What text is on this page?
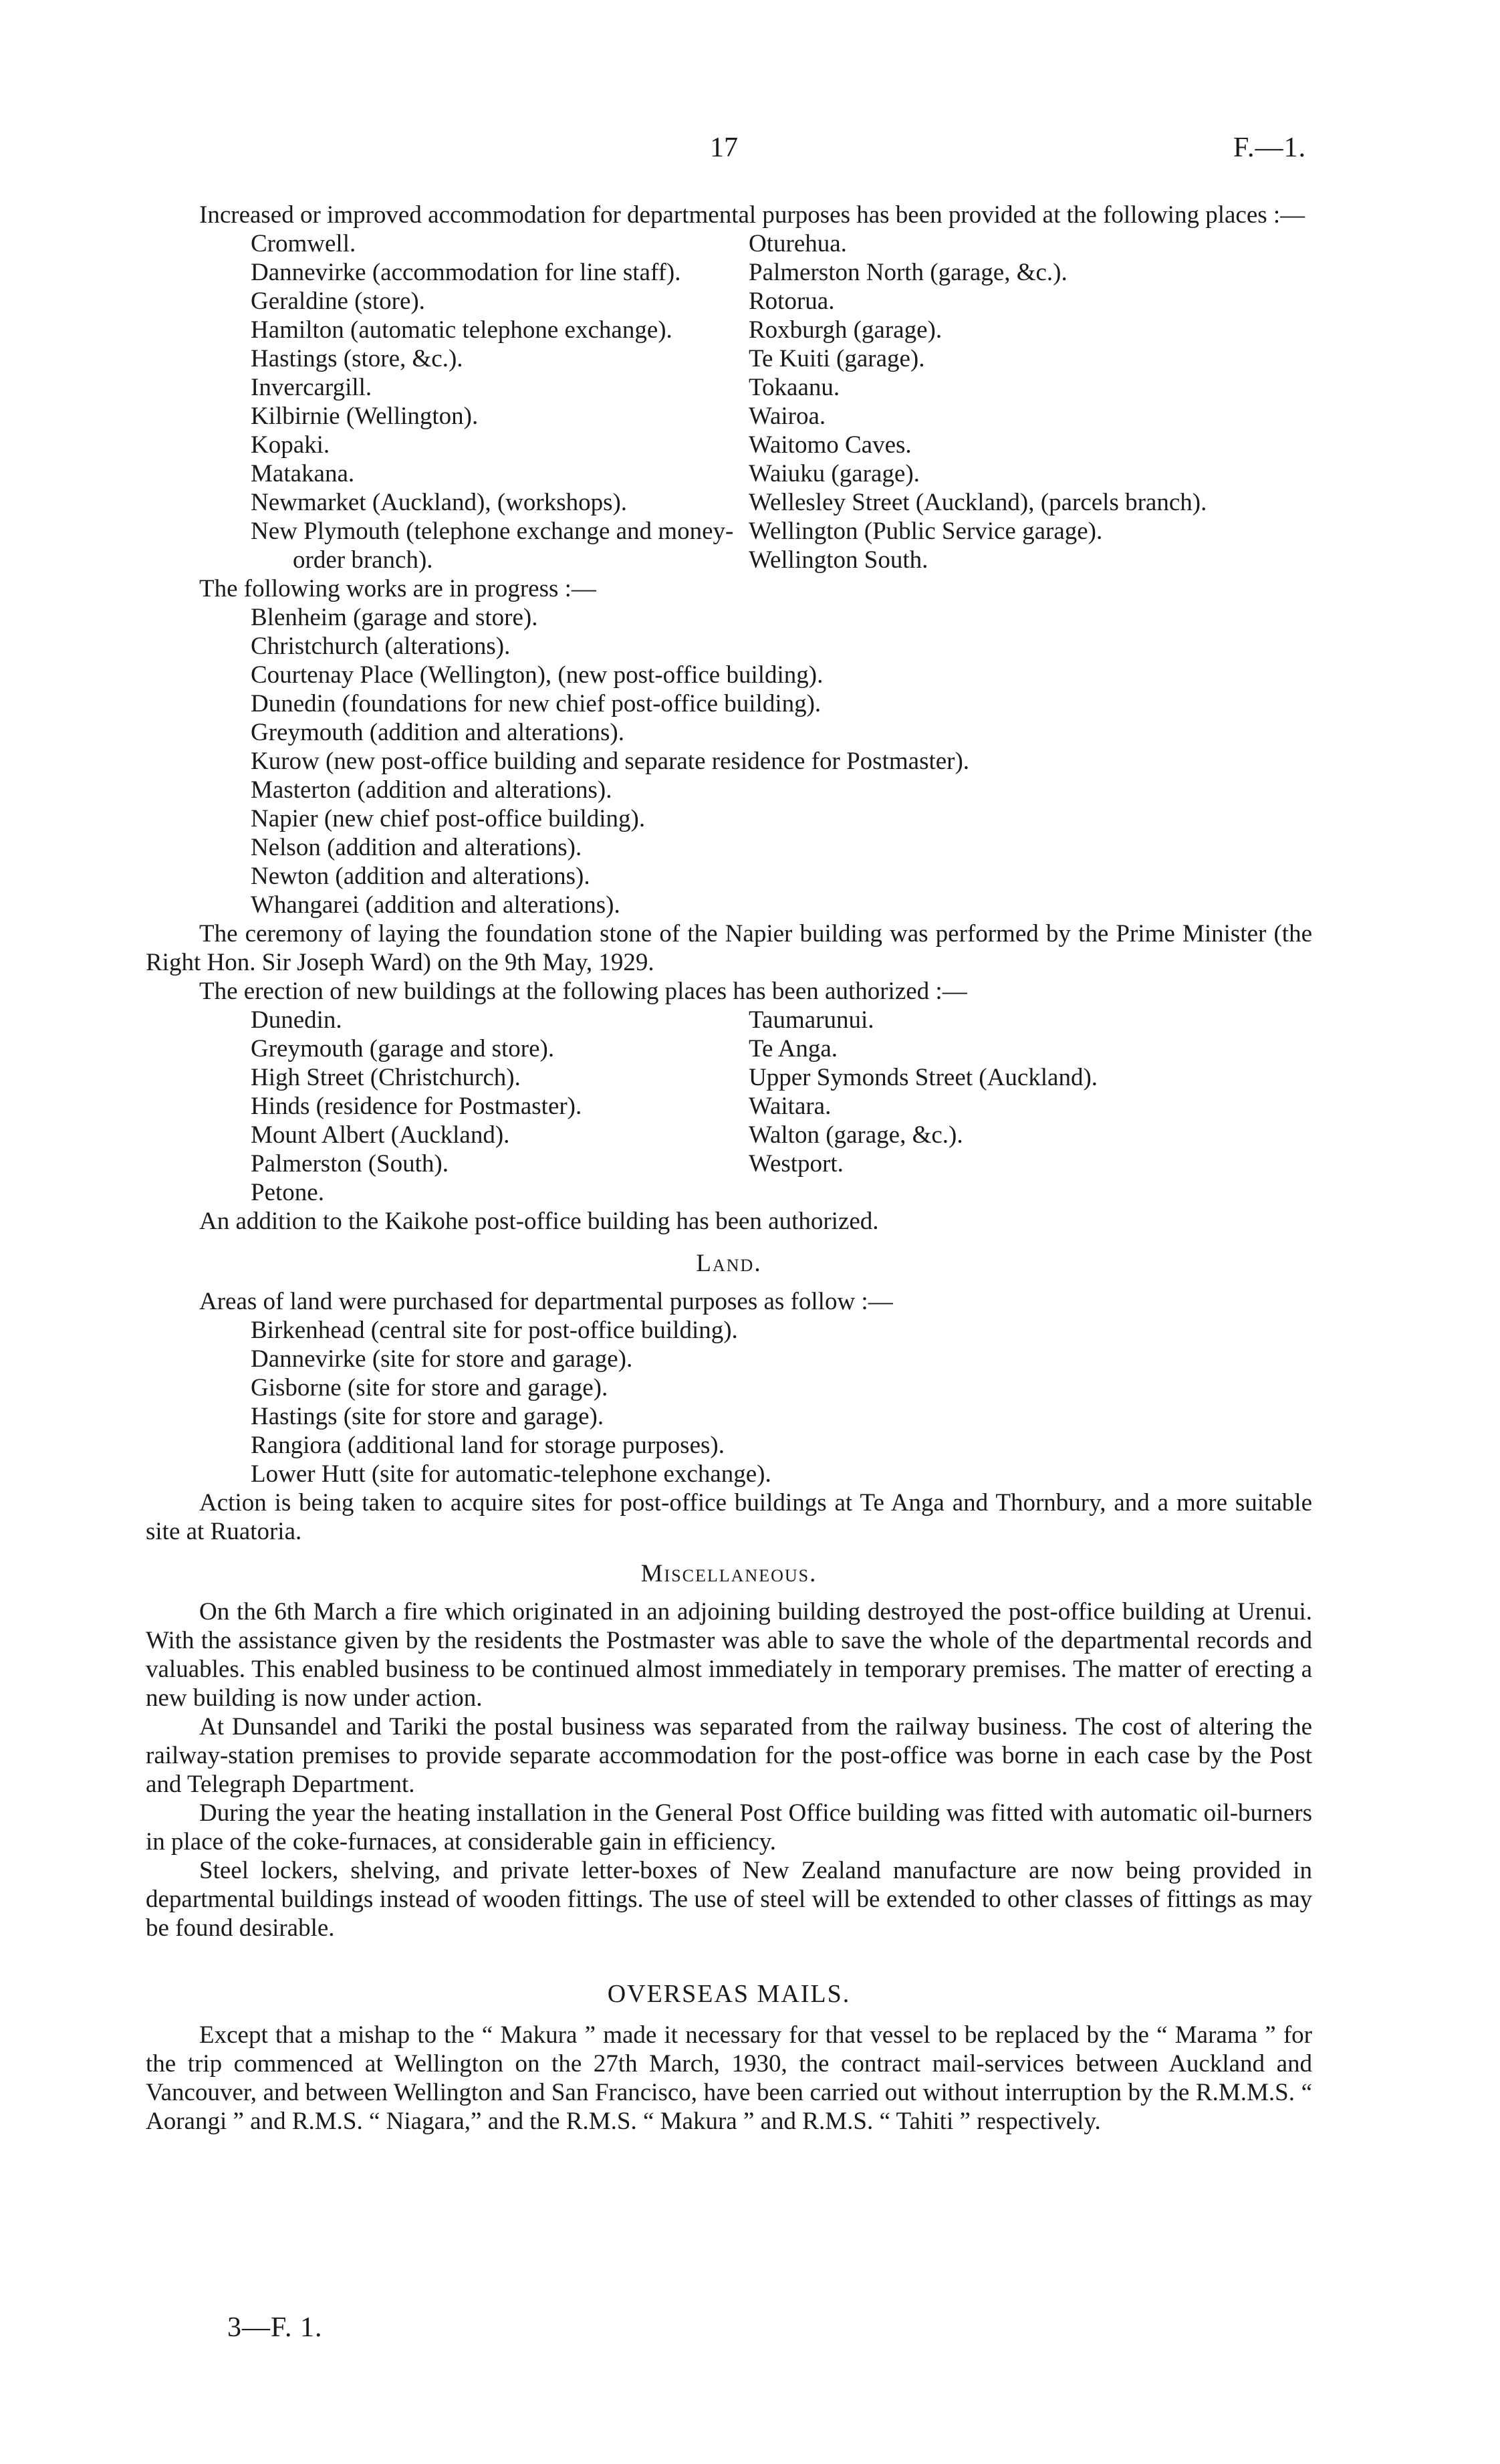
17	F.—1.

Increased or improved accommodation for departmental purposes has been provided at the following places :—

Cromwell.
Dannevirke (accommodation for line staff).
Geraldine (store).
Hamilton (automatic telephone exchange).
Hastings (store, &c.).
Invercargill.
Kilbirnie (Wellington).
Kopaki.
Matakana.
Newmarket (Auckland), (workshops).
New Plymouth (telephone exchange and money-order branch).
Oturehua.
Palmerston North (garage, &c.).
Rotorua.
Roxburgh (garage).
Te Kuiti (garage).
Tokaanu.
Wairoa.
Waitomo Caves.
Waiuku (garage).
Wellesley Street (Auckland), (parcels branch).
Wellington (Public Service garage).
Wellington South.

The following works are in progress :—

Blenheim (garage and store).
Christchurch (alterations).
Courtenay Place (Wellington), (new post-office building).
Dunedin (foundations for new chief post-office building).
Greymouth (addition and alterations).
Kurow (new post-office building and separate residence for Postmaster).
Masterton (addition and alterations).
Napier (new chief post-office building).
Nelson (addition and alterations).
Newton (addition and alterations).
Whangarei (addition and alterations).

The ceremony of laying the foundation stone of the Napier building was performed by the Prime Minister (the Right Hon. Sir Joseph Ward) on the 9th May, 1929.

The erection of new buildings at the following places has been authorized :—

Dunedin.
Greymouth (garage and store).
High Street (Christchurch).
Hinds (residence for Postmaster).
Mount Albert (Auckland).
Palmerston (South).
Petone.
Taumarunui.
Te Anga.
Upper Symonds Street (Auckland).
Waitara.
Walton (garage, &c.).
Westport.

An addition to the Kaikohe post-office building has been authorized.

Land.

Areas of land were purchased for departmental purposes as follow :—

Birkenhead (central site for post-office building).
Dannevirke (site for store and garage).
Gisborne (site for store and garage).
Hastings (site for store and garage).
Rangiora (additional land for storage purposes).
Lower Hutt (site for automatic-telephone exchange).

Action is being taken to acquire sites for post-office buildings at Te Anga and Thornbury, and a more suitable site at Ruatoria.

Miscellaneous.

On the 6th March a fire which originated in an adjoining building destroyed the post-office building at Urenui. With the assistance given by the residents the Postmaster was able to save the whole of the departmental records and valuables. This enabled business to be continued almost immediately in temporary premises. The matter of erecting a new building is now under action.

At Dunsandel and Tariki the postal business was separated from the railway business. The cost of altering the railway-station premises to provide separate accommodation for the post-office was borne in each case by the Post and Telegraph Department.

During the year the heating installation in the General Post Office building was fitted with automatic oil-burners in place of the coke-furnaces, at considerable gain in efficiency.

Steel lockers, shelving, and private letter-boxes of New Zealand manufacture are now being provided in departmental buildings instead of wooden fittings. The use of steel will be extended to other classes of fittings as may be found desirable.

OVERSEAS MAILS.

Except that a mishap to the “ Makura ” made it necessary for that vessel to be replaced by the “ Marama ” for the trip commenced at Wellington on the 27th March, 1930, the contract mail-services between Auckland and Vancouver, and between Wellington and San Francisco, have been carried out without interruption by the R.M.M.S. “ Aorangi ” and R.M.S. “ Niagara,” and the R.M.S. “ Makura ” and R.M.S. “ Tahiti ” respectively.

3—F. 1.
